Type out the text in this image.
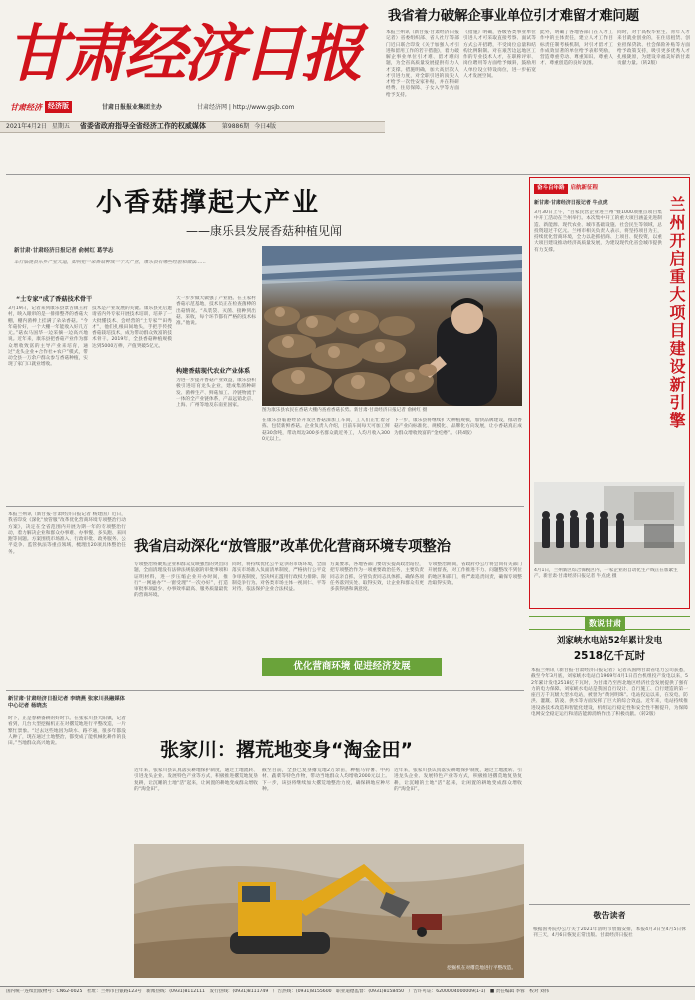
甘肃经济日报
甘肃经济 经济版	甘肃日报报业集团主办	甘肃经济网 | http://www.gsjb.com
2021年4月2日 星期五 省委省政府指导全省经济工作的权威媒体	第9886期 今日4版
我省着力破解企事业单位引才难留才难问题
本报兰州讯（新甘报·甘肃经济日报记者）省委组织部、省人社厅等部门近日联合印发《关于加强人才引进和留用工作的若干措施》，着力破解企事业单位引才难、留才难问题，为全省高质量发展提供有力人才支撑。措施明确，加大高层次人才引进力度，对全职引进的顶尖人才给予一次性安家补贴，并在科研经费、住房保障、子女入学等方面给予支持。
《措施》明确，各级各类事业单位引进人才可采取直接考察、面试等方式公开招聘，不受岗位总量和结构比例限制。对在艰苦边远地区工作的专业技术人才，在职称评审、岗位聘用等方面给予倾斜，鼓励用人单位设立特设岗位，进一步拓宽人才发展空间。
此外，明确了各地各部门在人才工作中的主体责任，建立人才工作目标责任制考核机制，对引才留才工作成效显著的单位给予表彰奖励，营造尊重劳动、尊重知识、尊重人才、尊重创造的良好氛围。
同时，对于高校毕业生、青年人才来甘就业创业的，在住房租赁、创业担保贷款、社会保险补贴等方面给予政策支持，吸引更多优秀人才扎根陇原，为建设幸福美好新甘肃贡献力量。（转2版）
小香菇撑起大产业
——康乐县发展香菇种植见闻
新甘肃·甘肃经济日报记者 俞树红 葛学志
车行临洮县东乡产业大道，如何把一朵香菇种成一个大产业，康乐县有哪些经验和做法……
“土专家”成了香菇技术骨干
3月19日，记者来到康乐县景古镇王府村，映入眼帘的是一排排整齐的香菇大棚，棚内菌棒上挂满了朵朵香菇。“今年菇价好，一个大棚一年能收入好几万元。”菇农马国华一边采摘一边高兴地说。近年来，康乐县把香菇产业作为群众增收致富的主导产业来培育，通过“龙头企业+合作社+农户”模式，带动全县一万余户群众参与香菇种植，实现了家门口就业增收。
技术是产业发展的关键。康乐县先后邀请省内外专家开展技术培训，培养了一大批懂技术、会经营的“土专家”“田秀才”，他们扎根田间地头，手把手传授香菇栽培技术，成为带动群众致富的技术骨干。2019年，全县香菇种植规模达到5000万棒，产值突破5亿元。
天一步步做大做强了产业链。在王家村香菇示范基地，技术员正在检查菌棒的出菇情况。“从装袋、灭菌、接种到出菇、采收，每个环节都有严格的技术标准。”他说。
构建香菇现代农业产业体系
为进一步提升香菇产业效益，康乐县积极引进培育龙头企业，建成集菌种研发、菌棒生产、鲜菇加工、冷链物流于一体的全产业链体系，产品远销北京、上海、广州等地及东南亚国家。
图为康乐县农民在香菇大棚内查看香菇长势。新甘肃·甘肃经济日报记者 俞树红 摄
在康乐县临港经济开发区香菇深加工车间，工人们正忙着分拣、包装新鲜香菇。企业负责人介绍，目前车间每天可加工鲜菇30余吨，带动周边300多名群众就近务工，人均月收入3000元以上。
下一步，康乐县将继续扩大种植规模，加快品牌建设，推动香菇产业向标准化、规模化、品牌化方向发展，让小香菇真正成为群众增收致富的“金疙瘩”。（转4版）
奋斗百年路	启航新征程
兰州开启重大项目建设新引擎
新甘肃·甘肃经济日报记者 牛点虎
3月30日上午，“百家民营企业进兰州”暨1000项重点项目集中开工活动在兰州举行。本次集中开工的重大项目涵盖先进制造、新能源、现代农业、城市基础设施、社会民生等领域，总投资超过千亿元。兰州市相关负责人表示，将坚持项目为王，持续优化营商环境，全力以赴抓招商、上项目、促投资，以重大项目建设推动经济高质量发展，为建设现代化省会城市提供有力支撑。
4月1日，兰州新区综合保税区内，一家企业的自动化生产线正在加紧生产。新甘肃·甘肃经济日报记者 牛点虎 摄
本报兰州讯（新甘报·甘肃经济日报记者 杨建国）近日，我省印发《深化“放管服”改革优化营商环境专项整治行动方案》，决定在全省范围内开展为期一年的专项整治行动，着力解决企业和群众办事难、办事慢、多头跑、来回跑等问题。方案围绕市场准入、行政审批、政务服务、公平竞争、监管执法等重点领域，梳理出20项具体整治任务。	我省启动深化“放管服”改革优化营商环境专项整治
专项整治将聚焦企业和群众反映强烈的突出问题，全面清理没有法律法规依据的审批事项和证明材料，进一步压缩企业开办时间，推行“一网通办”“一窗受理”“一次办好”，打造审批事项最少、办事效率最高、服务质量最优的营商环境。
同时，将持续优化公平竞争的市场环境，全面落实市场准入负面清单制度，严格执行公平竞争审查制度，坚决纠正滥用行政权力排除、限制竞争行为。对各类市场主体一视同仁、平等对待，依法保护企业合法权益。
方案要求，各地各部门要切实提高政治站位，把专项整治作为一项重要政治任务，主要负责同志亲自抓，分管负责同志具体抓，确保各项任务落到实处、取得实效，让企业和群众有更多获得感和满意度。
专项整治期间，省政府办公厅将会同有关部门开展督查，对工作推进不力、问题整改不到位的地区和部门，将严肃追责问责，确保专项整治取得实效。
优化营商环境 促进经济发展
新甘肃·甘肃经济日报记者 李晓燕 张家川县融媒体中心记者 杨晓杰
张家川：撂荒地变身“淘金田”
时下，正是春耕备耕的好时节。在张家川县大阳镇，记者看到，几台大型挖掘机正在对撂荒地进行平整改造，一片繁忙景象。“过去这些地因为缺水、路不通，很多年都没人种了，现在通过土地整治，都变成了能机械化耕作的良田。”当地群众高兴地说。
近年来，张家川县认真落实耕地保护制度，通过土地流转、引进龙头企业、发展特色产业等方式，积极推进撂荒地复垦复耕，让沉睡的土地“活”起来，让闲置的耕地变成群众增收的“淘金田”。
截至目前，全县已复垦撂荒地2万余亩，种植马铃薯、中药材、蔬菜等特色作物，带动当地群众人均增收2000元以上。下一步，该县将继续加大撂荒地整治力度，确保耕地应种尽种。
近年来，张家川县认真落实耕地保护制度，通过土地流转、引进龙头企业、发展特色产业等方式，积极推进撂荒地复垦复耕，让沉睡的土地“活”起来，让闲置的耕地变成群众增收的“淘金田”。
挖掘机在对撂荒地进行平整改造。
数说甘肃
刘家峡水电站52年累计发电
2518亿千瓦时
本报兰州讯（新甘报·甘肃经济日报记者）记者从国网甘肃省电力公司获悉，截至今年3月底，刘家峡水电站自1969年4月1日首台机组投产发电以来，52年累计发电2518亿千瓦时，为甘肃乃至西北地区经济社会发展提供了强有力的电力保障。刘家峡水电站是我国自行设计、自行施工、自行建造的第一座百万千瓦级大型水电站，被誉为“黄河明珠”。电站投运以来，在发电、防洪、灌溉、防凌、供水等方面发挥了巨大的综合效益。近年来，电站持续推进设备技术改造和智能化建设，机组运行稳定性和安全性不断提升，为保障电网安全稳定运行和清洁能源消纳作出了积极贡献。（转2版）
敬告读者
根据国务院办公厅关于2021年清明节放假安排，本报4月3日至4月5日休刊三天，4月6日恢复正常出版。甘肃经济日报社
国内统一连续出版物号：CN62-0025　社址：兰州市白银路123号　新闻热线：(0931)8112111　发行热线：(0931)8111749　广告热线：(0931)8155600　职业道德监督：(0931)8158450　广告许可证：6200004000009(1-1)　■ 责任编辑 李蓉　校对 刘伟
